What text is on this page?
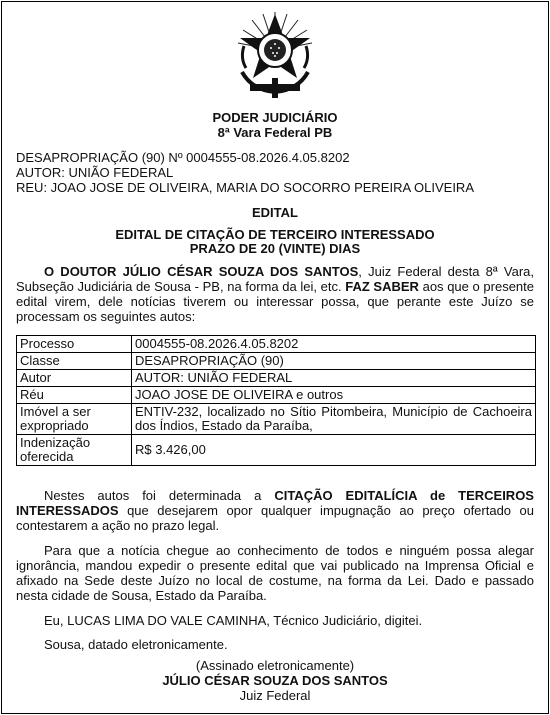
PODER JUDICIÁRIO
8ª Vara Federal PB
DESAPROPRIAÇÃO (90) Nº 0004555-08.2026.4.05.8202
AUTOR: UNIÃO FEDERAL
REU: JOAO JOSE DE OLIVEIRA, MARIA DO SOCORRO PEREIRA OLIVEIRA
EDITAL
EDITAL DE CITAÇÃO DE TERCEIRO INTERESSADO
PRAZO DE 20 (VINTE) DIAS
O DOUTOR JÚLIO CÉSAR SOUZA DOS SANTOS, Juiz Federal desta 8ª Vara, Subseção Judiciária de Sousa - PB, na forma da lei, etc. FAZ SABER aos que o presente edital virem, dele notícias tiverem ou interessar possa, que perante este Juízo se processam os seguintes autos:
Processo	0004555-08.2026.4.05.8202
Classe	DESAPROPRIAÇÃO (90)
Autor	AUTOR: UNIÃO FEDERAL
Réu	JOAO JOSE DE OLIVEIRA e outros
Imóvel a ser expropriado	ENTIV-232, localizado no Sítio Pitombeira, Município de Cachoeira dos Índios, Estado da Paraíba,
Indenização oferecida	R$ 3.426,00
Nestes autos foi determinada a CITAÇÃO EDITALÍCIA de TERCEIROS INTERESSADOS que desejarem opor qualquer impugnação ao preço ofertado ou contestarem a ação no prazo legal.
Para que a notícia chegue ao conhecimento de todos e ninguém possa alegar ignorância, mandou expedir o presente edital que vai publicado na Imprensa Oficial e afixado na Sede deste Juízo no local de costume, na forma da Lei. Dado e passado nesta cidade de Sousa, Estado da Paraíba.
Eu, LUCAS LIMA DO VALE CAMINHA, Técnico Judiciário, digitei.
Sousa, datado eletronicamente.
(Assinado eletronicamente)
JÚLIO CÉSAR SOUZA DOS SANTOS
Juiz Federal
